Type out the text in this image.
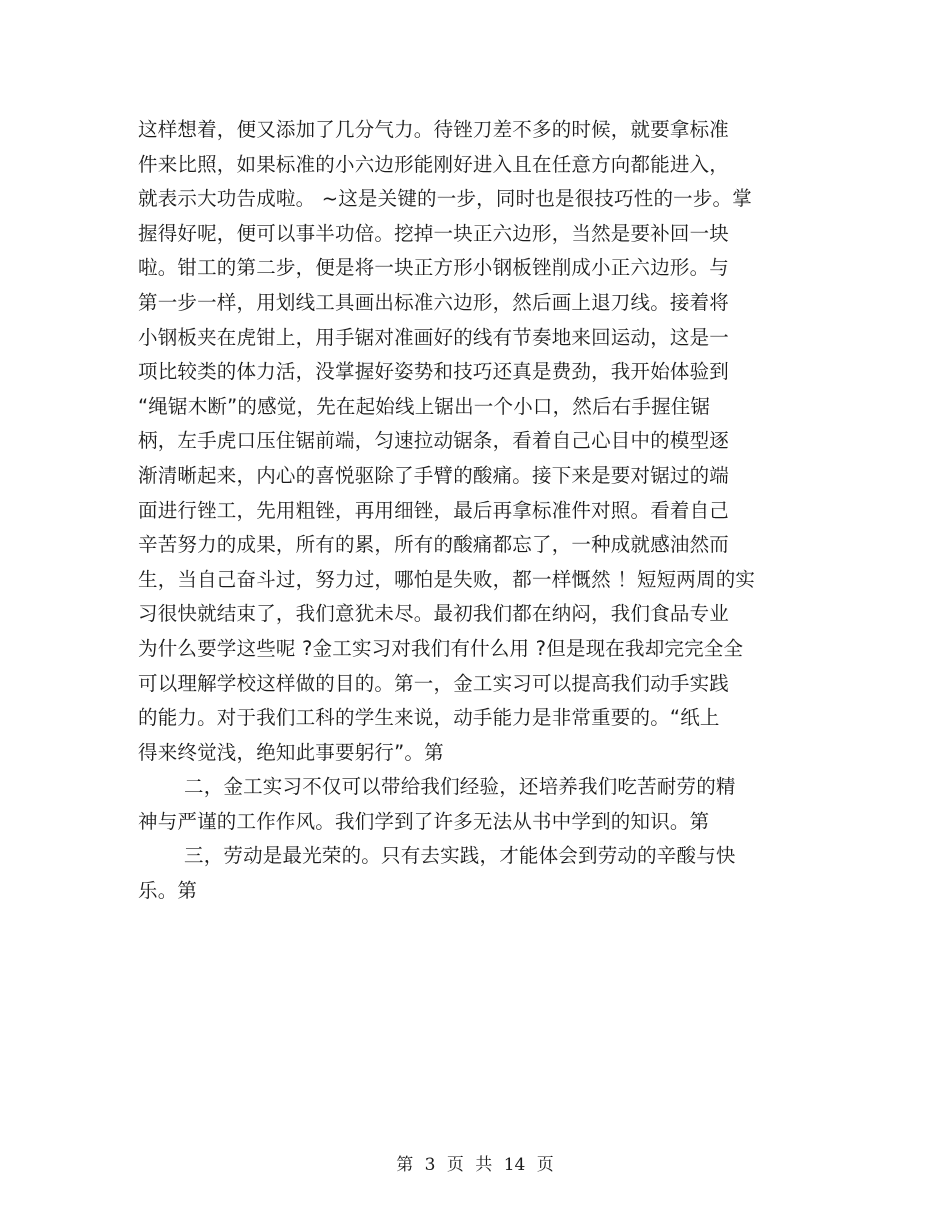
这样想着，便又添加了几分气力。待锉刀差不多的时候，就要拿标准
件来比照，如果标准的小六边形能刚好进入且在任意方向都能进入，
就表示大功告成啦。 ~这是关键的一步，同时也是很技巧性的一步。掌
握得好呢，便可以事半功倍。挖掉一块正六边形，当然是要补回一块
啦。钳工的第二步，便是将一块正方形小钢板锉削成小正六边形。与
第一步一样，用划线工具画出标准六边形，然后画上退刀线。接着将
小钢板夹在虎钳上，用手锯对准画好的线有节奏地来回运动，这是一
项比较类的体力活，没掌握好姿势和技巧还真是费劲，我开始体验到
“绳锯木断”的感觉，先在起始线上锯出一个小口，然后右手握住锯
柄，左手虎口压住锯前端，匀速拉动锯条，看着自己心目中的模型逐
渐清晰起来，内心的喜悦驱除了手臂的酸痛。接下来是要对锯过的端
面进行锉工，先用粗锉，再用细锉，最后再拿标准件对照。看着自己
辛苦努力的成果，所有的累，所有的酸痛都忘了，一种成就感油然而
生，当自己奋斗过，努力过，哪怕是失败，都一样慨然 ！短短两周的实
习很快就结束了，我们意犹未尽。最初我们都在纳闷，我们食品专业
为什么要学这些呢 ?金工实习对我们有什么用 ?但是现在我却完完全全
可以理解学校这样做的目的。第一，金工实习可以提高我们动手实践
的能力。对于我们工科的学生来说，动手能力是非常重要的。“纸上
得来终觉浅，绝知此事要躬行”。第
二，金工实习不仅可以带给我们经验，还培养我们吃苦耐劳的精
神与严谨的工作作风。我们学到了许多无法从书中学到的知识。第
三，劳动是最光荣的。只有去实践，才能体会到劳动的辛酸与快
乐。第
第 3 页 共 14 页
